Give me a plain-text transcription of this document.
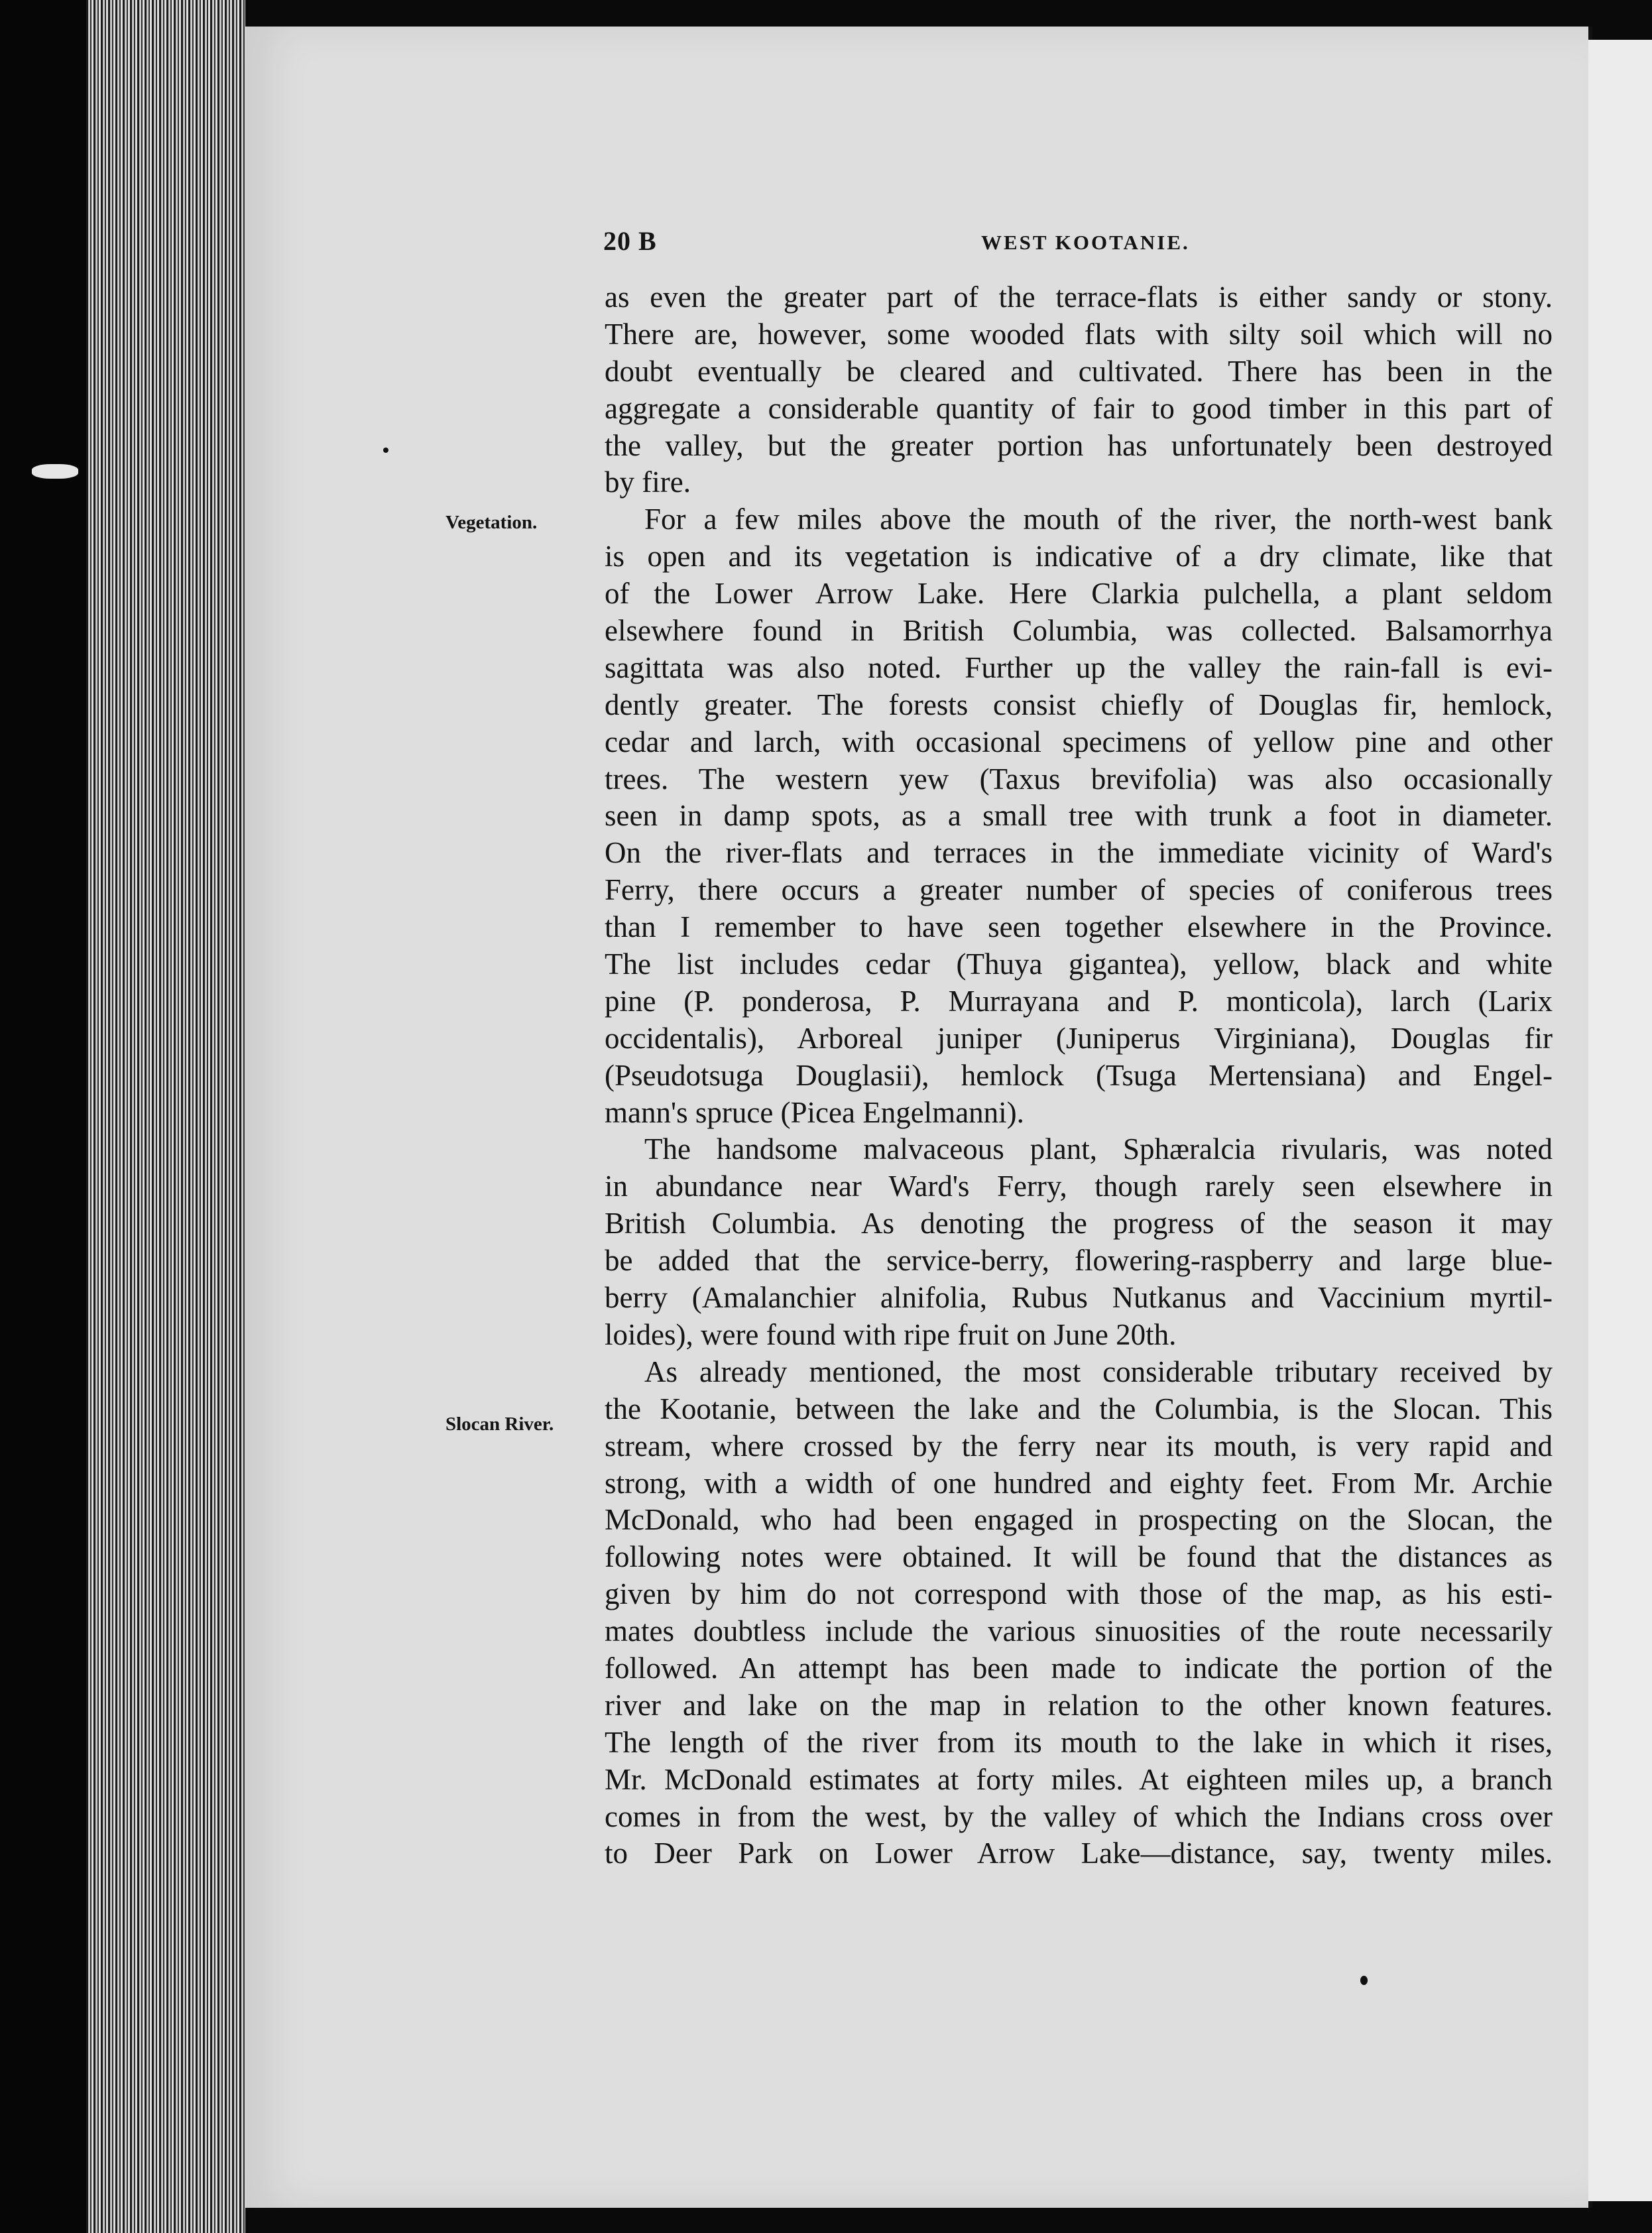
20 B	WEST KOOTANIE.
Vegetation.
Slocan River.
as even the greater part of the terrace-flats is either sandy or stony.
There are, however, some wooded flats with silty soil which will no
doubt eventually be cleared and cultivated. There has been in the
aggregate a considerable quantity of fair to good timber in this part of
the valley, but the greater portion has unfortunately been destroyed
by fire.
For a few miles above the mouth of the river, the north-west bank
is open and its vegetation is indicative of a dry climate, like that
of the Lower Arrow Lake. Here Clarkia pulchella, a plant seldom
elsewhere found in British Columbia, was collected. Balsamorrhya
sagittata was also noted. Further up the valley the rain-fall is evi-
dently greater. The forests consist chiefly of Douglas fir, hemlock,
cedar and larch, with occasional specimens of yellow pine and other
trees. The western yew (Taxus brevifolia) was also occasionally
seen in damp spots, as a small tree with trunk a foot in diameter.
On the river-flats and terraces in the immediate vicinity of Ward's
Ferry, there occurs a greater number of species of coniferous trees
than I remember to have seen together elsewhere in the Province.
The list includes cedar (Thuya gigantea), yellow, black and white
pine (P. ponderosa, P. Murrayana and P. monticola), larch (Larix
occidentalis), Arboreal juniper (Juniperus Virginiana), Douglas fir
(Pseudotsuga Douglasii), hemlock (Tsuga Mertensiana) and Engel-
mann's spruce (Picea Engelmanni).
The handsome malvaceous plant, Sphæralcia rivularis, was noted
in abundance near Ward's Ferry, though rarely seen elsewhere in
British Columbia. As denoting the progress of the season it may
be added that the service-berry, flowering-raspberry and large blue-
berry (Amalanchier alnifolia, Rubus Nutkanus and Vaccinium myrtil-
loides), were found with ripe fruit on June 20th.
As already mentioned, the most considerable tributary received by
the Kootanie, between the lake and the Columbia, is the Slocan. This
stream, where crossed by the ferry near its mouth, is very rapid and
strong, with a width of one hundred and eighty feet. From Mr. Archie
McDonald, who had been engaged in prospecting on the Slocan, the
following notes were obtained. It will be found that the distances as
given by him do not correspond with those of the map, as his esti-
mates doubtless include the various sinuosities of the route necessarily
followed. An attempt has been made to indicate the portion of the
river and lake on the map in relation to the other known features.
The length of the river from its mouth to the lake in which it rises,
Mr. McDonald estimates at forty miles. At eighteen miles up, a branch
comes in from the west, by the valley of which the Indians cross over
to Deer Park on Lower Arrow Lake—distance, say, twenty miles.
